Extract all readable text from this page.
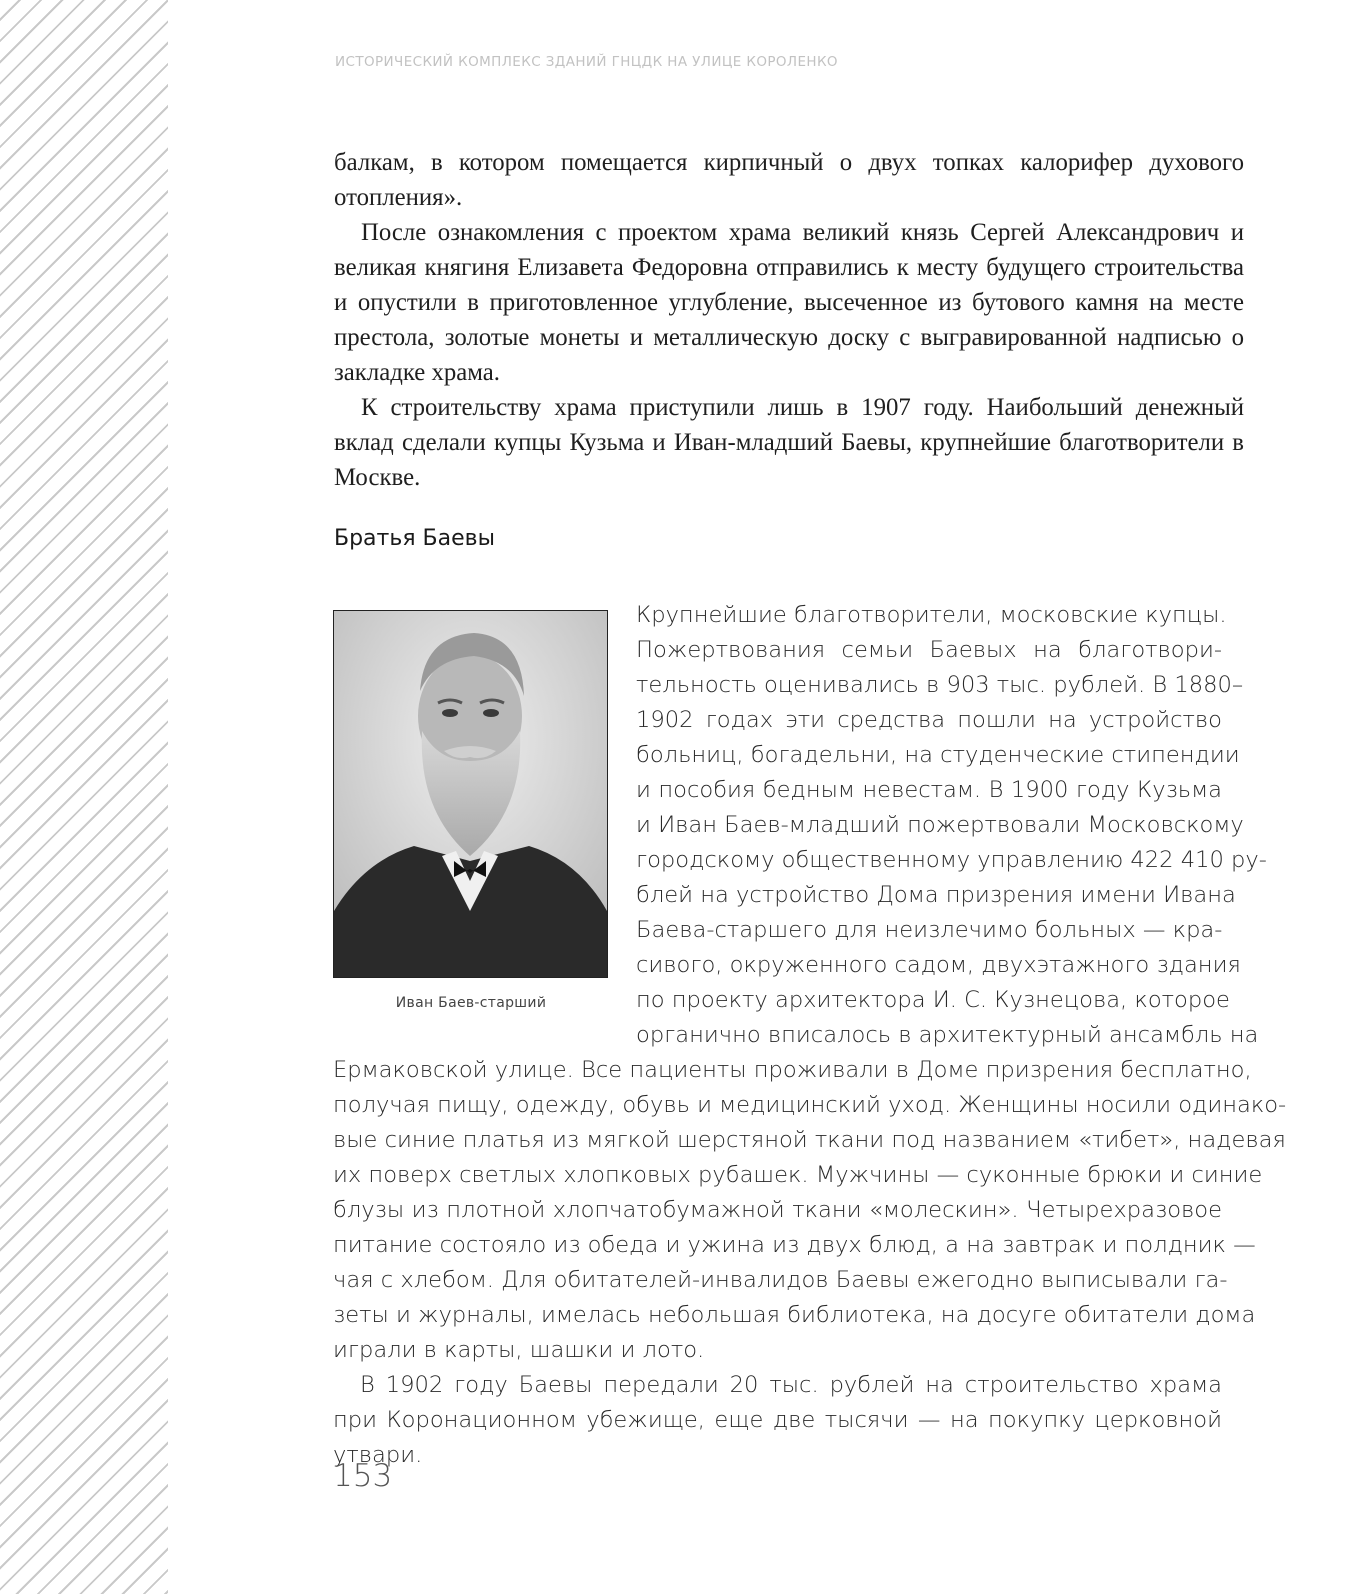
ИСТОРИЧЕСКИЙ КОМПЛЕКС ЗДАНИЙ ГНЦДК НА УЛИЦЕ КОРОЛЕНКО

балкам, в котором помещается кирпичный о двух топках калорифер духового отопления».

После ознакомления с проектом храма великий князь Сергей Александрович и великая княгиня Елизавета Федоровна отправились к месту будущего строительства и опустили в приготовленное углубление, высеченное из бутового камня на месте престола, золотые монеты и металлическую доску с выгравированной надписью о закладке храма.

К строительству храма приступили лишь в 1907 году. Наибольший денежный вклад сделали купцы Кузьма и Иван-младший Баевы, крупнейшие благотворители в Москве.

Братья Баевы
Иван Баев-старший
Крупнейшие благотворители, московские купцы.
Пожертвования семьи Баевых на благотвори-
тельность оценивались в 903 тыс. рублей. В 1880–
1902 годах эти средства пошли на устройство
больниц, богадельни, на студенческие стипендии
и пособия бедным невестам. В 1900 году Кузьма
и Иван Баев-младший пожертвовали Московскому
городскому общественному управлению 422 410 ру-
блей на устройство Дома призрения имени Ивана
Баева-старшего для неизлечимо больных — кра-
сивого, окруженного садом, двухэтажного здания
по проекту архитектора И. С. Кузнецова, которое
органично вписалось в архитектурный ансамбль на
Ермаковской улице. Все пациенты проживали в Доме призрения бесплатно,
получая пищу, одежду, обувь и медицинский уход. Женщины носили одинако-
вые синие платья из мягкой шерстяной ткани под названием «тибет», надевая
их поверх светлых хлопковых рубашек. Мужчины — суконные брюки и синие
блузы из плотной хлопчатобумажной ткани «молескин». Четырехразовое
питание состояло из обеда и ужина из двух блюд, а на завтрак и полдник —
чая с хлебом. Для обитателей-инвалидов Баевы ежегодно выписывали га-
зеты и журналы, имелась небольшая библиотека, на досуге обитатели дома
играли в карты, шашки и лото.

В 1902 году Баевы передали 20 тыс. рублей на строительство храма при Коронационном убежище, еще две тысячи — на покупку церковной утвари.

153
